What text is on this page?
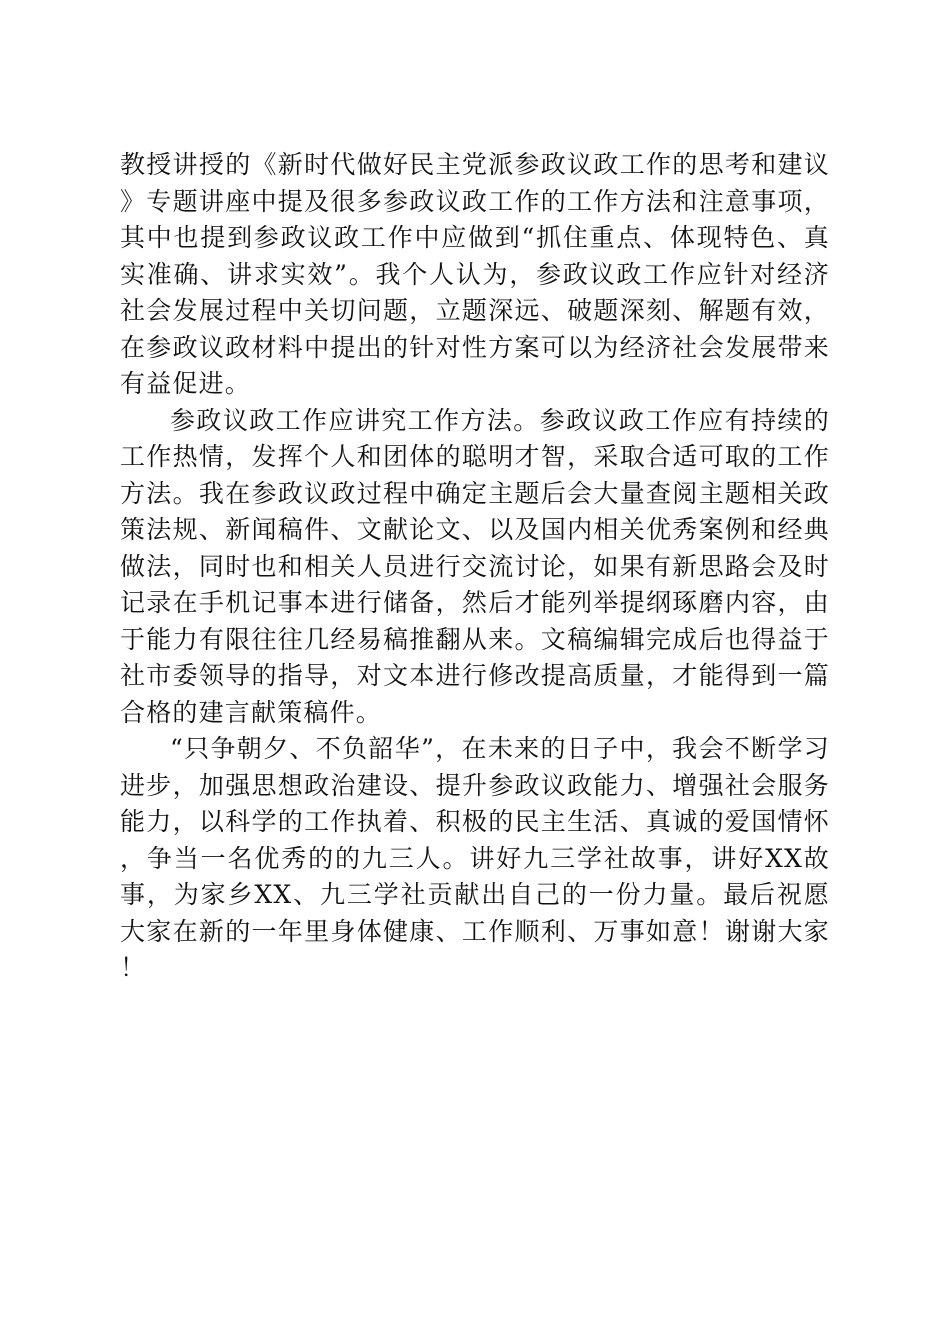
教授讲授的《新时代做好民主党派参政议政工作的思考和建议》专题讲座中提及很多参政议政工作的工作方法和注意事项，其中也提到参政议政工作中应做到“抓住重点、体现特色、真实准确、讲求实效”。我个人认为，参政议政工作应针对经济社会发展过程中关切问题，立题深远、破题深刻、解题有效，在参政议政材料中提出的针对性方案可以为经济社会发展带来有益促进。

参政议政工作应讲究工作方法。参政议政工作应有持续的工作热情，发挥个人和团体的聪明才智，采取合适可取的工作方法。我在参政议政过程中确定主题后会大量查阅主题相关政策法规、新闻稿件、文献论文、以及国内相关优秀案例和经典做法，同时也和相关人员进行交流讨论，如果有新思路会及时记录在手机记事本进行储备，然后才能列举提纲琢磨内容，由于能力有限往往几经易稿推翻从来。文稿编辑完成后也得益于社市委领导的指导，对文本进行修改提高质量，才能得到一篇合格的建言献策稿件。

“只争朝夕、不负韶华”，在未来的日子中，我会不断学习进步，加强思想政治建设、提升参政议政能力、增强社会服务能力，以科学的工作执着、积极的民主生活、真诚的爱国情怀，争当一名优秀的的九三人。讲好九三学社故事，讲好XX故事，为家乡XX、九三学社贡献出自己的一份力量。最后祝愿大家在新的一年里身体健康、工作顺利、万事如意！谢谢大家！
